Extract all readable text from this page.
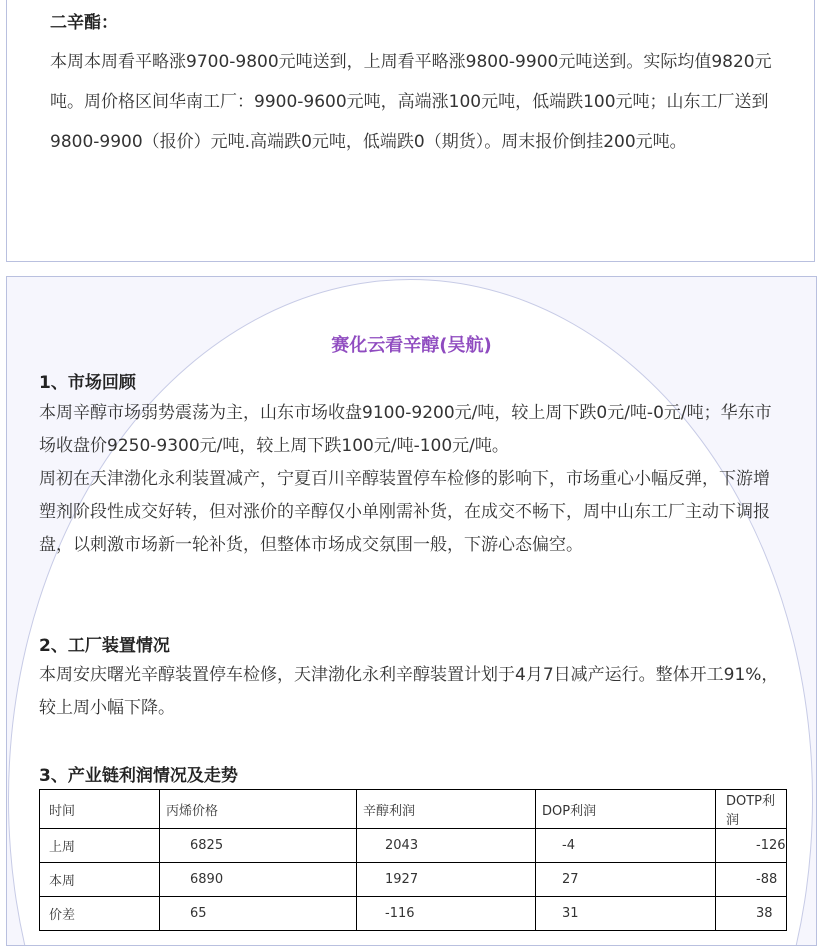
二辛酯：
本周本周看平略涨9700-9800元吨送到，上周看平略涨9800-9900元吨送到。实际均值9820元吨。周价格区间华南工厂：9900-9600元吨，高端涨100元吨，低端跌100元吨；山东工厂送到9800-9900（报价）元吨.高端跌0元吨，低端跌0（期货）。周末报价倒挂200元吨。
赛化云看辛醇(吴航)
1、市场回顾
本周辛醇市场弱势震荡为主，山东市场收盘9100-9200元/吨，较上周下跌0元/吨-0元/吨；华东市场收盘价9250-9300元/吨，较上周下跌100元/吨-100元/吨。
周初在天津渤化永利装置减产，宁夏百川辛醇装置停车检修的影响下，市场重心小幅反弹，下游增塑剂阶段性成交好转，但对涨价的辛醇仅小单刚需补货，在成交不畅下，周中山东工厂主动下调报盘，以刺激市场新一轮补货，但整体市场成交氛围一般，下游心态偏空。
2、工厂装置情况
本周安庆曙光辛醇装置停车检修，天津渤化永利辛醇装置计划于4月7日减产运行。整体开工91%，较上周小幅下降。
3、产业链利润情况及走势
时间	丙烯价格	辛醇利润	DOP利润	DOTP利润
上周	6825	2043	-4	-126
本周	6890	1927	27	-88
价差	65	-116	31	38
